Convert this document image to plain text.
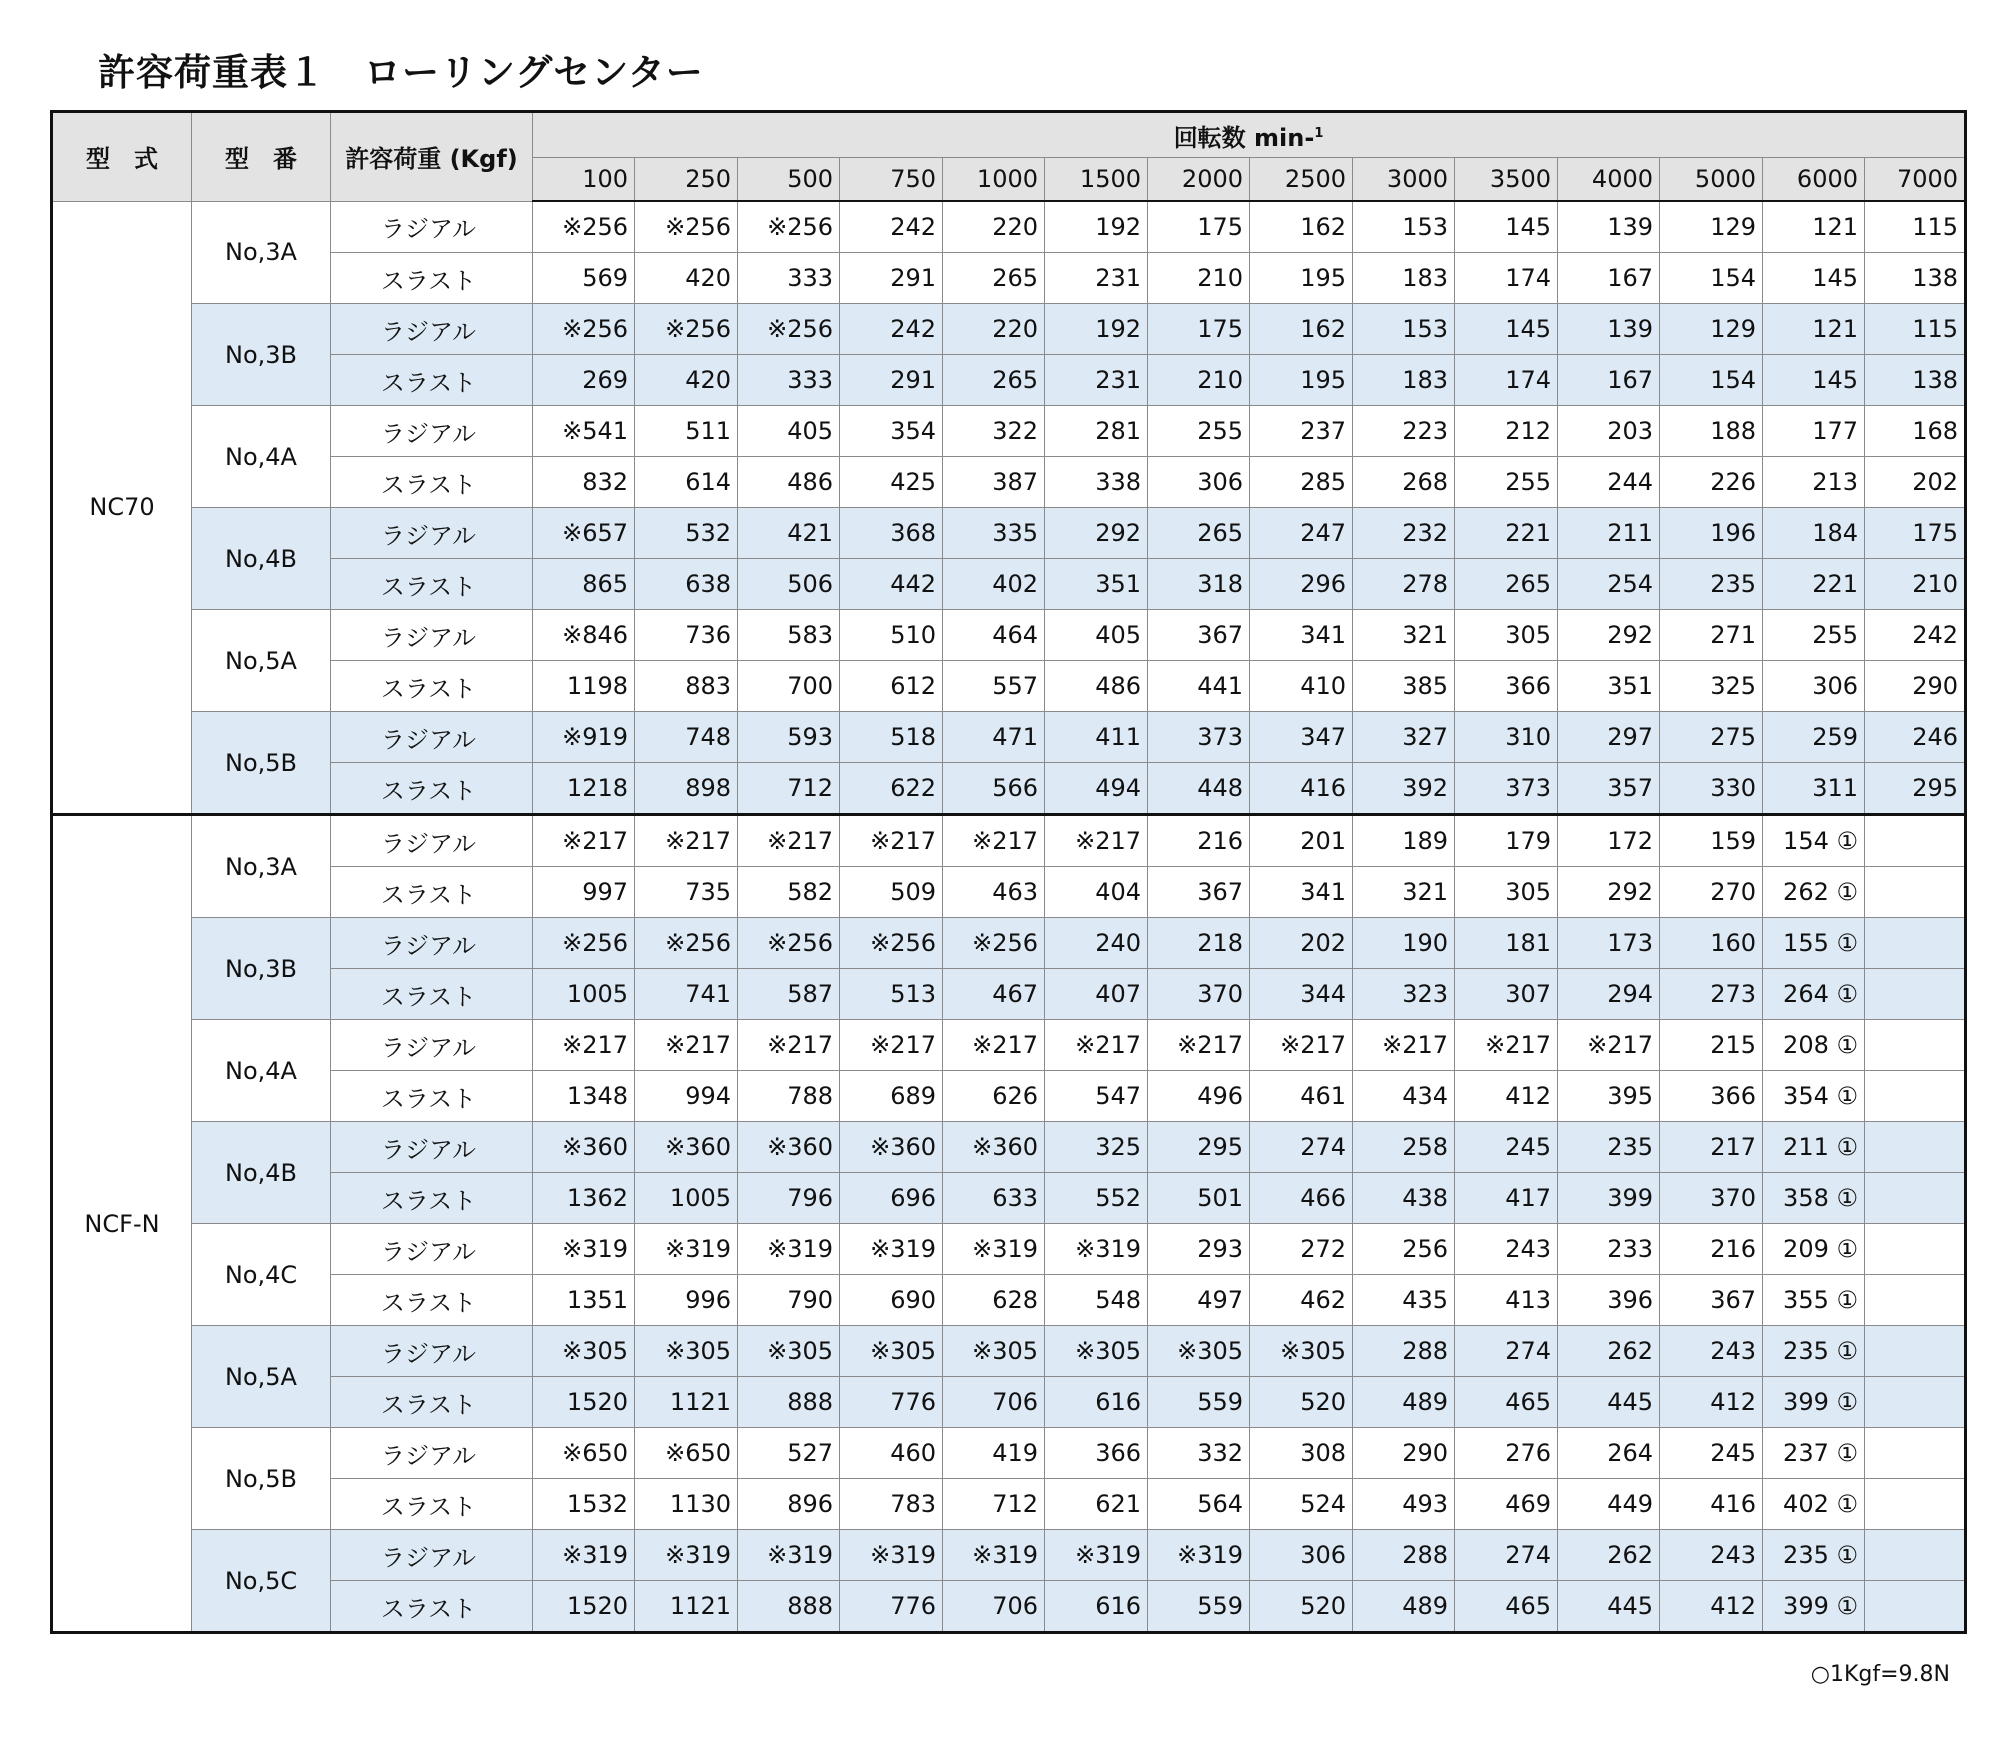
許容荷重表１　ローリングセンター
型　式	型　番	許容荷重 (Kgf)	回転数 min-$^1$
			100	250	500	750	1000	1500	2000	2500	3000	3500	4000	5000	6000	7000
NC70	No,3A	ラジアル	※256	※256	※256	242	220	192	175	162	153	145	139	129	121	115
		スラスト	569	420	333	291	265	231	210	195	183	174	167	154	145	138
	No,3B	ラジアル	※256	※256	※256	242	220	192	175	162	153	145	139	129	121	115
		スラスト	269	420	333	291	265	231	210	195	183	174	167	154	145	138
	No,4A	ラジアル	※541	511	405	354	322	281	255	237	223	212	203	188	177	168
		スラスト	832	614	486	425	387	338	306	285	268	255	244	226	213	202
	No,4B	ラジアル	※657	532	421	368	335	292	265	247	232	221	211	196	184	175
		スラスト	865	638	506	442	402	351	318	296	278	265	254	235	221	210
	No,5A	ラジアル	※846	736	583	510	464	405	367	341	321	305	292	271	255	242
		スラスト	1198	883	700	612	557	486	441	410	385	366	351	325	306	290
	No,5B	ラジアル	※919	748	593	518	471	411	373	347	327	310	297	275	259	246
		スラスト	1218	898	712	622	566	494	448	416	392	373	357	330	311	295
NCF-N	No,3A	ラジアル	※217	※217	※217	※217	※217	※217	216	201	189	179	172	159	154 ①	
		スラスト	997	735	582	509	463	404	367	341	321	305	292	270	262 ①	
	No,3B	ラジアル	※256	※256	※256	※256	※256	240	218	202	190	181	173	160	155 ①	
		スラスト	1005	741	587	513	467	407	370	344	323	307	294	273	264 ①	
	No,4A	ラジアル	※217	※217	※217	※217	※217	※217	※217	※217	※217	※217	※217	215	208 ①	
		スラスト	1348	994	788	689	626	547	496	461	434	412	395	366	354 ①	
	No,4B	ラジアル	※360	※360	※360	※360	※360	325	295	274	258	245	235	217	211 ①	
		スラスト	1362	1005	796	696	633	552	501	466	438	417	399	370	358 ①	
	No,4C	ラジアル	※319	※319	※319	※319	※319	※319	293	272	256	243	233	216	209 ①	
		スラスト	1351	996	790	690	628	548	497	462	435	413	396	367	355 ①	
	No,5A	ラジアル	※305	※305	※305	※305	※305	※305	※305	※305	288	274	262	243	235 ①	
		スラスト	1520	1121	888	776	706	616	559	520	489	465	445	412	399 ①	
	No,5B	ラジアル	※650	※650	527	460	419	366	332	308	290	276	264	245	237 ①	
		スラスト	1532	1130	896	783	712	621	564	524	493	469	449	416	402 ①	
	No,5C	ラジアル	※319	※319	※319	※319	※319	※319	※319	306	288	274	262	243	235 ①	
		スラスト	1520	1121	888	776	706	616	559	520	489	465	445	412	399 ①	
○1Kgf=9.8N
